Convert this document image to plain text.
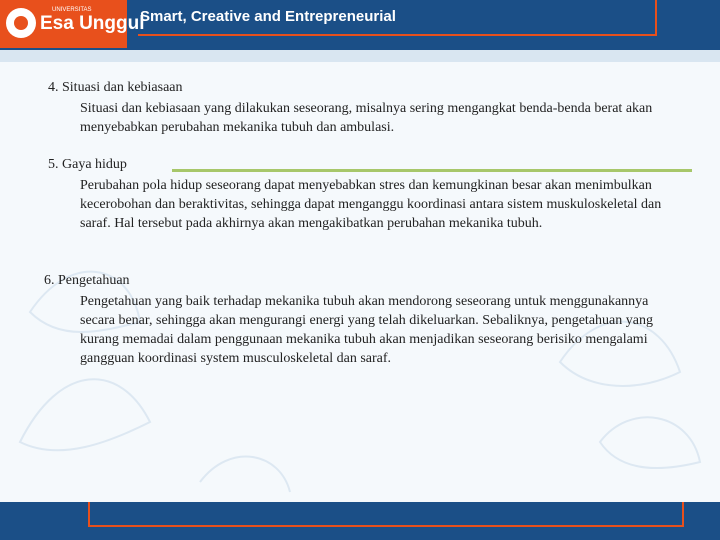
UNIVERSITAS
Esa Unggul
Smart, Creative and Entrepreneurial
4. Situasi dan kebiasaan
Situasi dan kebiasaan yang dilakukan seseorang, misalnya sering mengangkat benda-benda berat akan menyebabkan perubahan mekanika tubuh dan ambulasi.
5. Gaya hidup
Perubahan pola hidup seseorang dapat menyebabkan stres dan kemungkinan besar akan menimbulkan kecerobohan dan beraktivitas, sehingga dapat menganggu koordinasi antara sistem muskuloskeletal dan saraf. Hal tersebut pada akhirnya akan mengakibatkan perubahan mekanika tubuh.
6. Pengetahuan
Pengetahuan yang baik terhadap mekanika tubuh akan mendorong seseorang untuk menggunakannya secara benar, sehingga akan mengurangi energi yang telah dikeluarkan. Sebaliknya, pengetahuan yang kurang memadai dalam penggunaan mekanika tubuh akan menjadikan seseorang berisiko mengalami gangguan koordinasi system musculoskeletal dan saraf.
